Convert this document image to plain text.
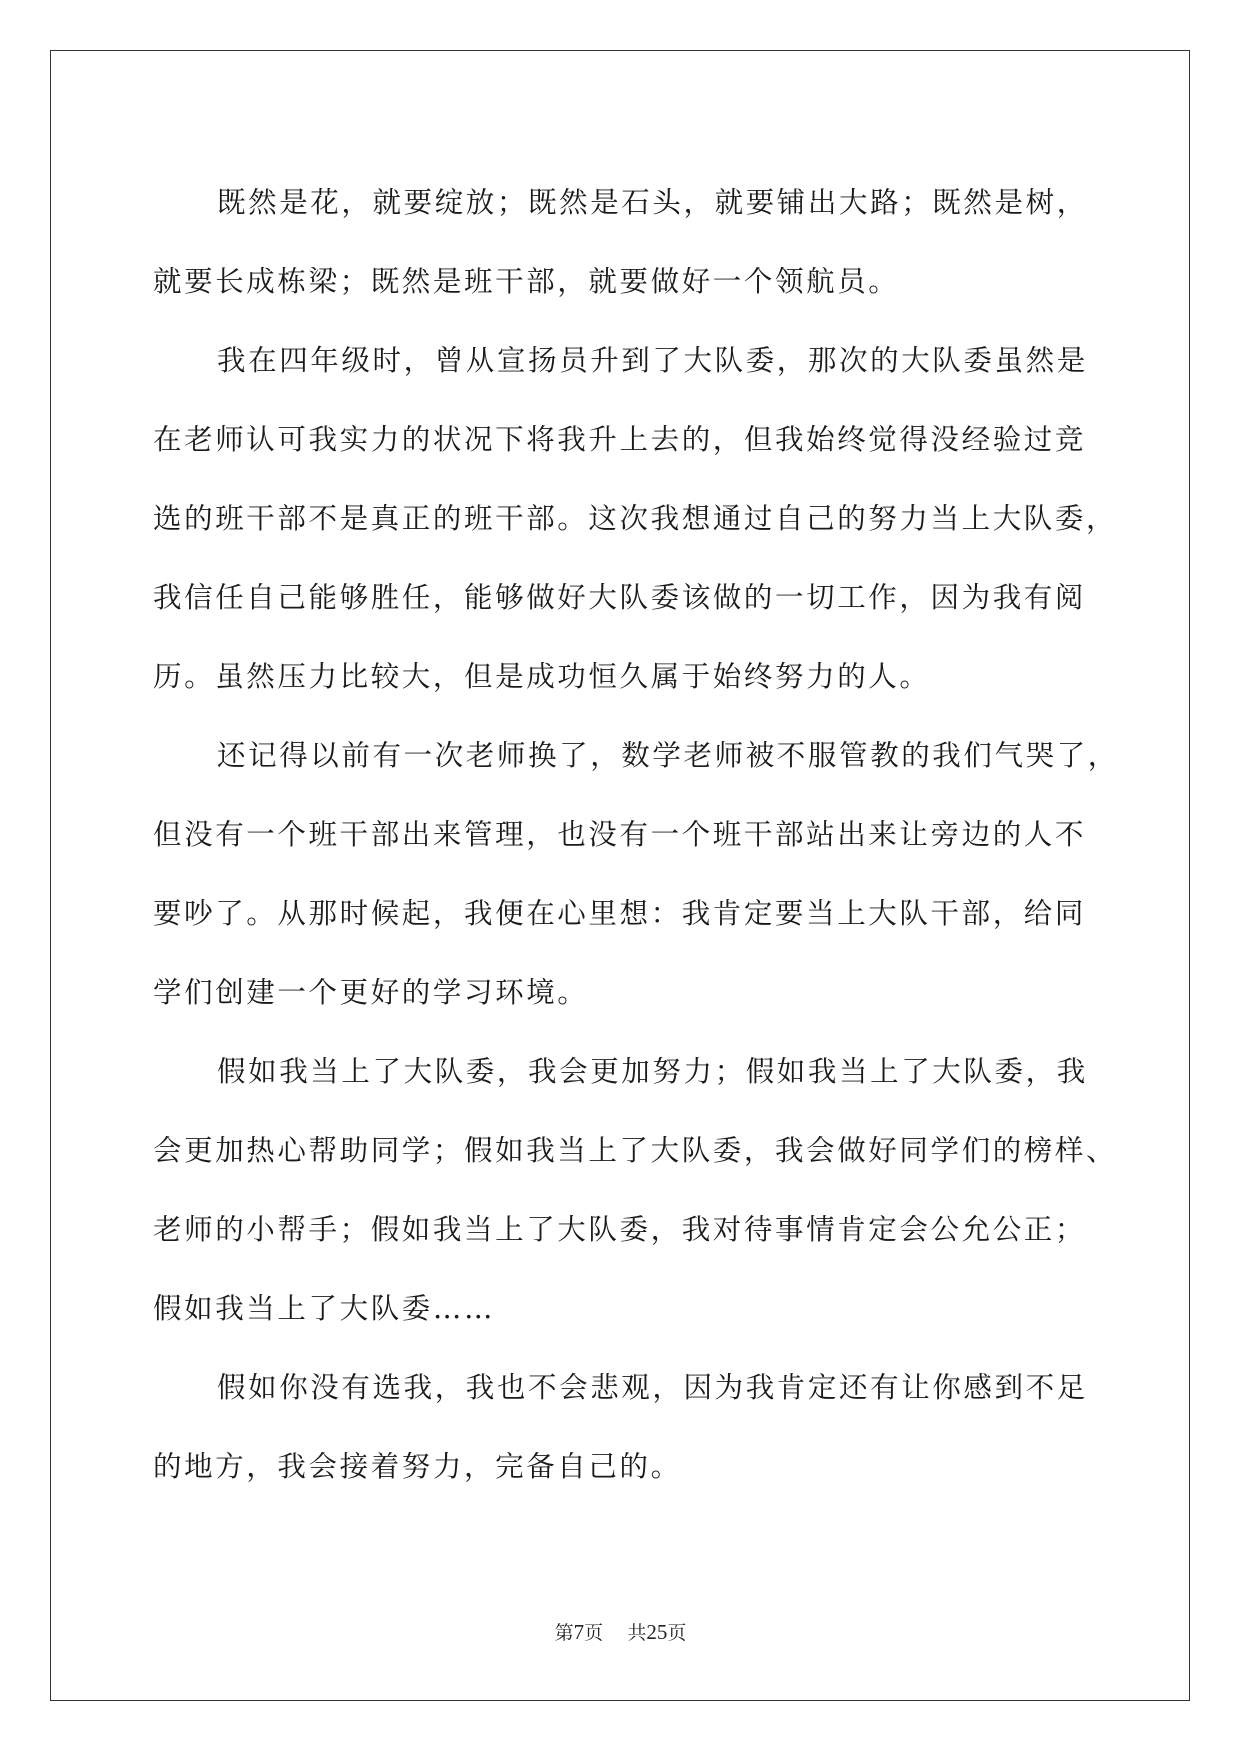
既然是花，就要绽放；既然是石头，就要铺出大路；既然是树，
就要长成栋梁；既然是班干部，就要做好一个领航员。
我在四年级时，曾从宣扬员升到了大队委，那次的大队委虽然是
在老师认可我实力的状况下将我升上去的，但我始终觉得没经验过竞
选的班干部不是真正的班干部。这次我想通过自己的努力当上大队委，
我信任自己能够胜任，能够做好大队委该做的一切工作，因为我有阅
历。虽然压力比较大，但是成功恒久属于始终努力的人。
还记得以前有一次老师换了，数学老师被不服管教的我们气哭了，
但没有一个班干部出来管理，也没有一个班干部站出来让旁边的人不
要吵了。从那时候起，我便在心里想：我肯定要当上大队干部，给同
学们创建一个更好的学习环境。
假如我当上了大队委，我会更加努力；假如我当上了大队委，我
会更加热心帮助同学；假如我当上了大队委，我会做好同学们的榜样、
老师的小帮手；假如我当上了大队委，我对待事情肯定会公允公正；
假如我当上了大队委……
假如你没有选我，我也不会悲观，因为我肯定还有让你感到不足
的地方，我会接着努力，完备自己的。
第7页 共25页
